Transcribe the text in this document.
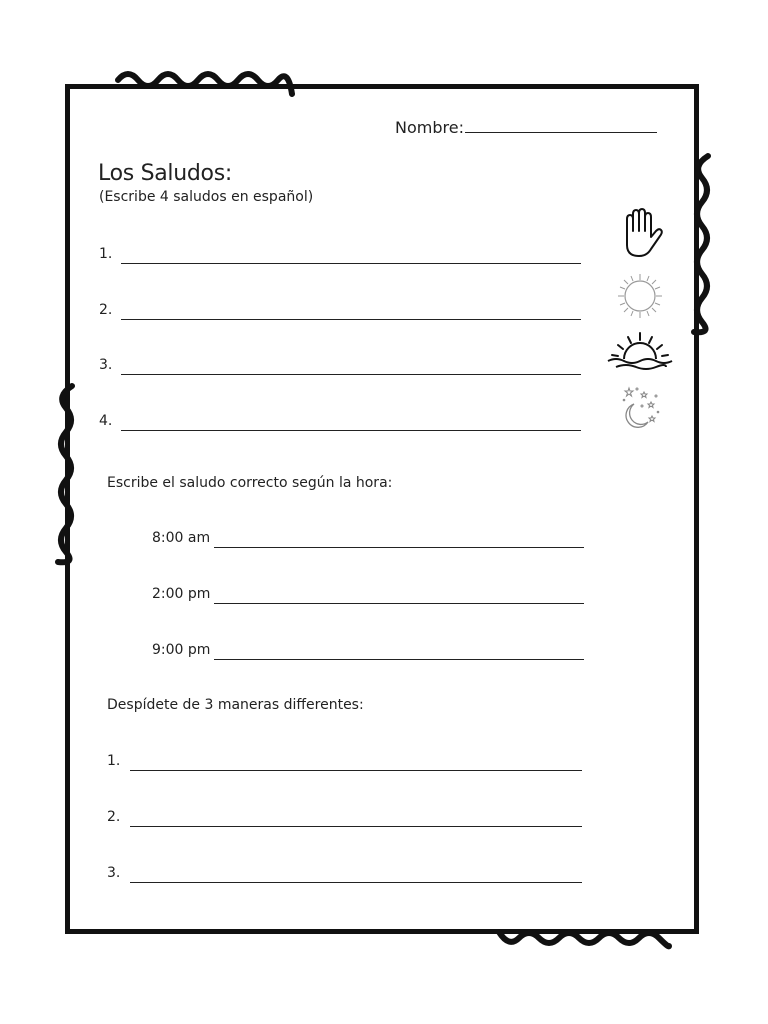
Nombre:
Los Saludos:
(Escribe 4 saludos en español)
1.
2.
3.
4.
Escribe el saludo correcto según la hora:
8:00 am
2:00 pm
9:00 pm
Despídete de 3 maneras differentes:
1.
2.
3.
